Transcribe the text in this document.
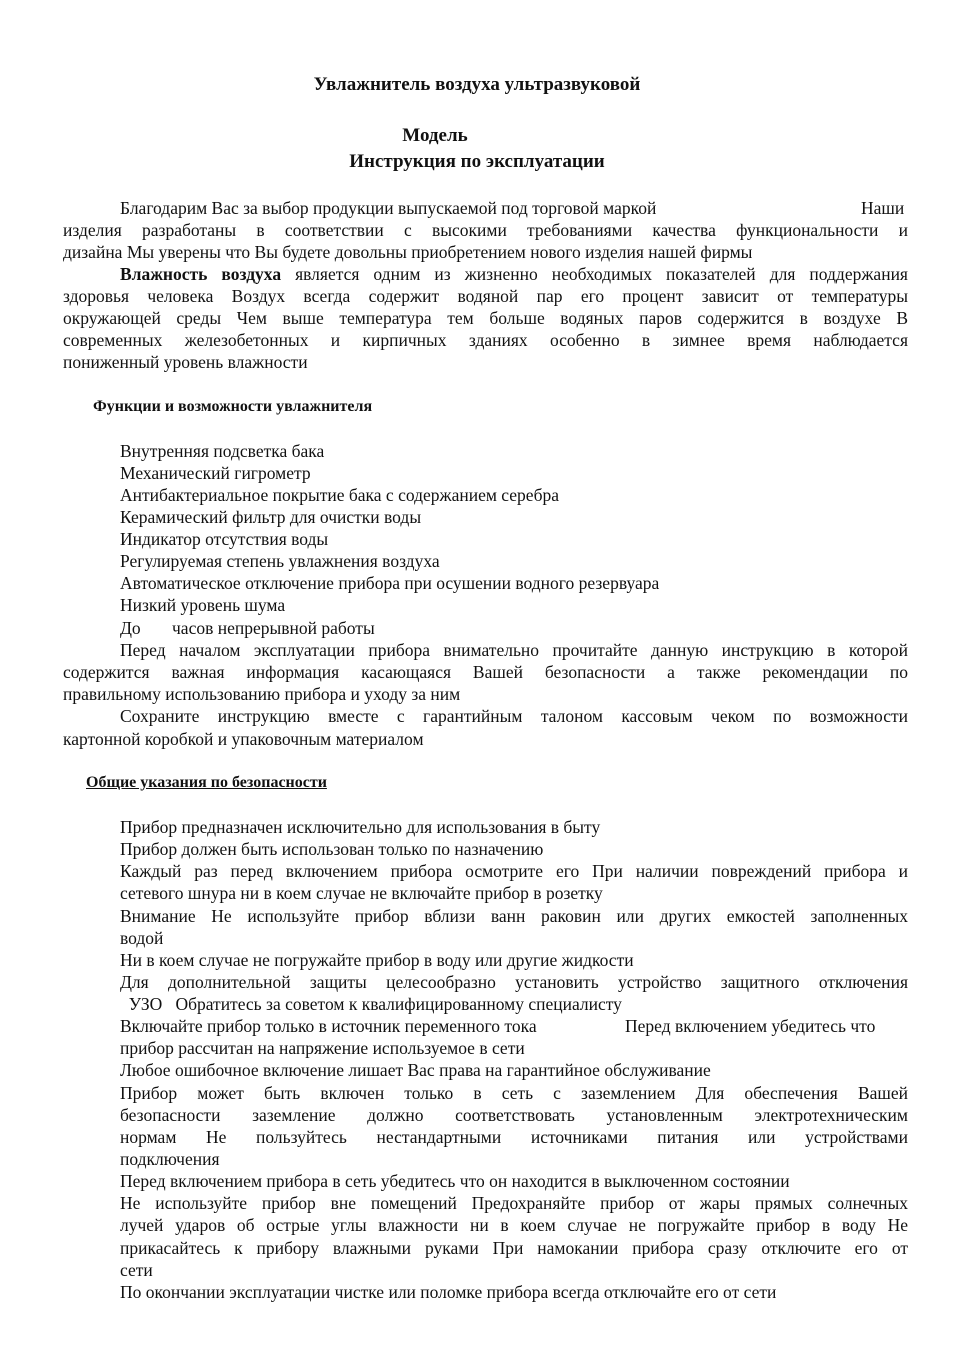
Увлажнитель воздуха ультразвуковой
Модель
Инструкция по эксплуатации
Благодарим Вас за выбор продукции выпускаемой под торговой маркой	Наши
изделия разработаны в соответствии с высокими требованиями качества функциональности и
дизайна Мы уверены что Вы будете довольны приобретением нового изделия нашей фирмы
Влажность воздуха является одним из жизненно необходимых показателей для поддержания
здоровья человека Воздух всегда содержит водяной пар его процент зависит от температуры
окружающей среды Чем выше температура тем больше водяных паров содержится в воздухе В
современных железобетонных и кирпичных зданиях особенно в зимнее время наблюдается
пониженный уровень влажности
Функции и возможности увлажнителя
Внутренняя подсветка бака
Механический гигрометр
Антибактериальное покрытие бака с содержанием серебра
Керамический фильтр для очистки воды
Индикатор отсутствия воды
Регулируемая степень увлажнения воздуха
Автоматическое отключение прибора при осушении водного резервуара
Низкий уровень шума
До часов непрерывной работы
Перед началом эксплуатации прибора внимательно прочитайте данную инструкцию в которой
содержится важная информация касающаяся Вашей безопасности а также рекомендации по
правильному использованию прибора и уходу за ним
Сохраните инструкцию вместе с гарантийным талоном кассовым чеком по возможности
картонной коробкой и упаковочным материалом
Общие указания по безопасности
Прибор предназначен исключительно для использования в быту
Прибор должен быть использован только по назначению
Каждый раз перед включением прибора осмотрите его При наличии повреждений прибора и
сетевого шнура ни в коем случае не включайте прибор в розетку
Внимание Не используйте прибор вблизи ванн раковин или других емкостей заполненных
водой
Ни в коем случае не погружайте прибор в воду или другие жидкости
Для дополнительной защиты целесообразно установить устройство защитного отключения
УЗО   Обратитесь за советом к квалифицированному специалисту
Включайте прибор только в источник переменного тока	Перед включением убедитесь что
прибор рассчитан на напряжение используемое в сети
Любое ошибочное включение лишает Вас права на гарантийное обслуживание
Прибор может быть включен только в сеть с заземлением Для обеспечения Вашей
безопасности заземление должно соответствовать установленным электротехническим
нормам Не пользуйтесь нестандартными источниками питания или устройствами
подключения
Перед включением прибора в сеть убедитесь что он находится в выключенном состоянии
Не используйте прибор вне помещений Предохраняйте прибор от жары прямых солнечных
лучей ударов об острые углы влажности ни в коем случае не погружайте прибор в воду Не
прикасайтесь к прибору влажными руками При намокании прибора сразу отключите его от
сети
По окончании эксплуатации чистке или поломке прибора всегда отключайте его от сети
